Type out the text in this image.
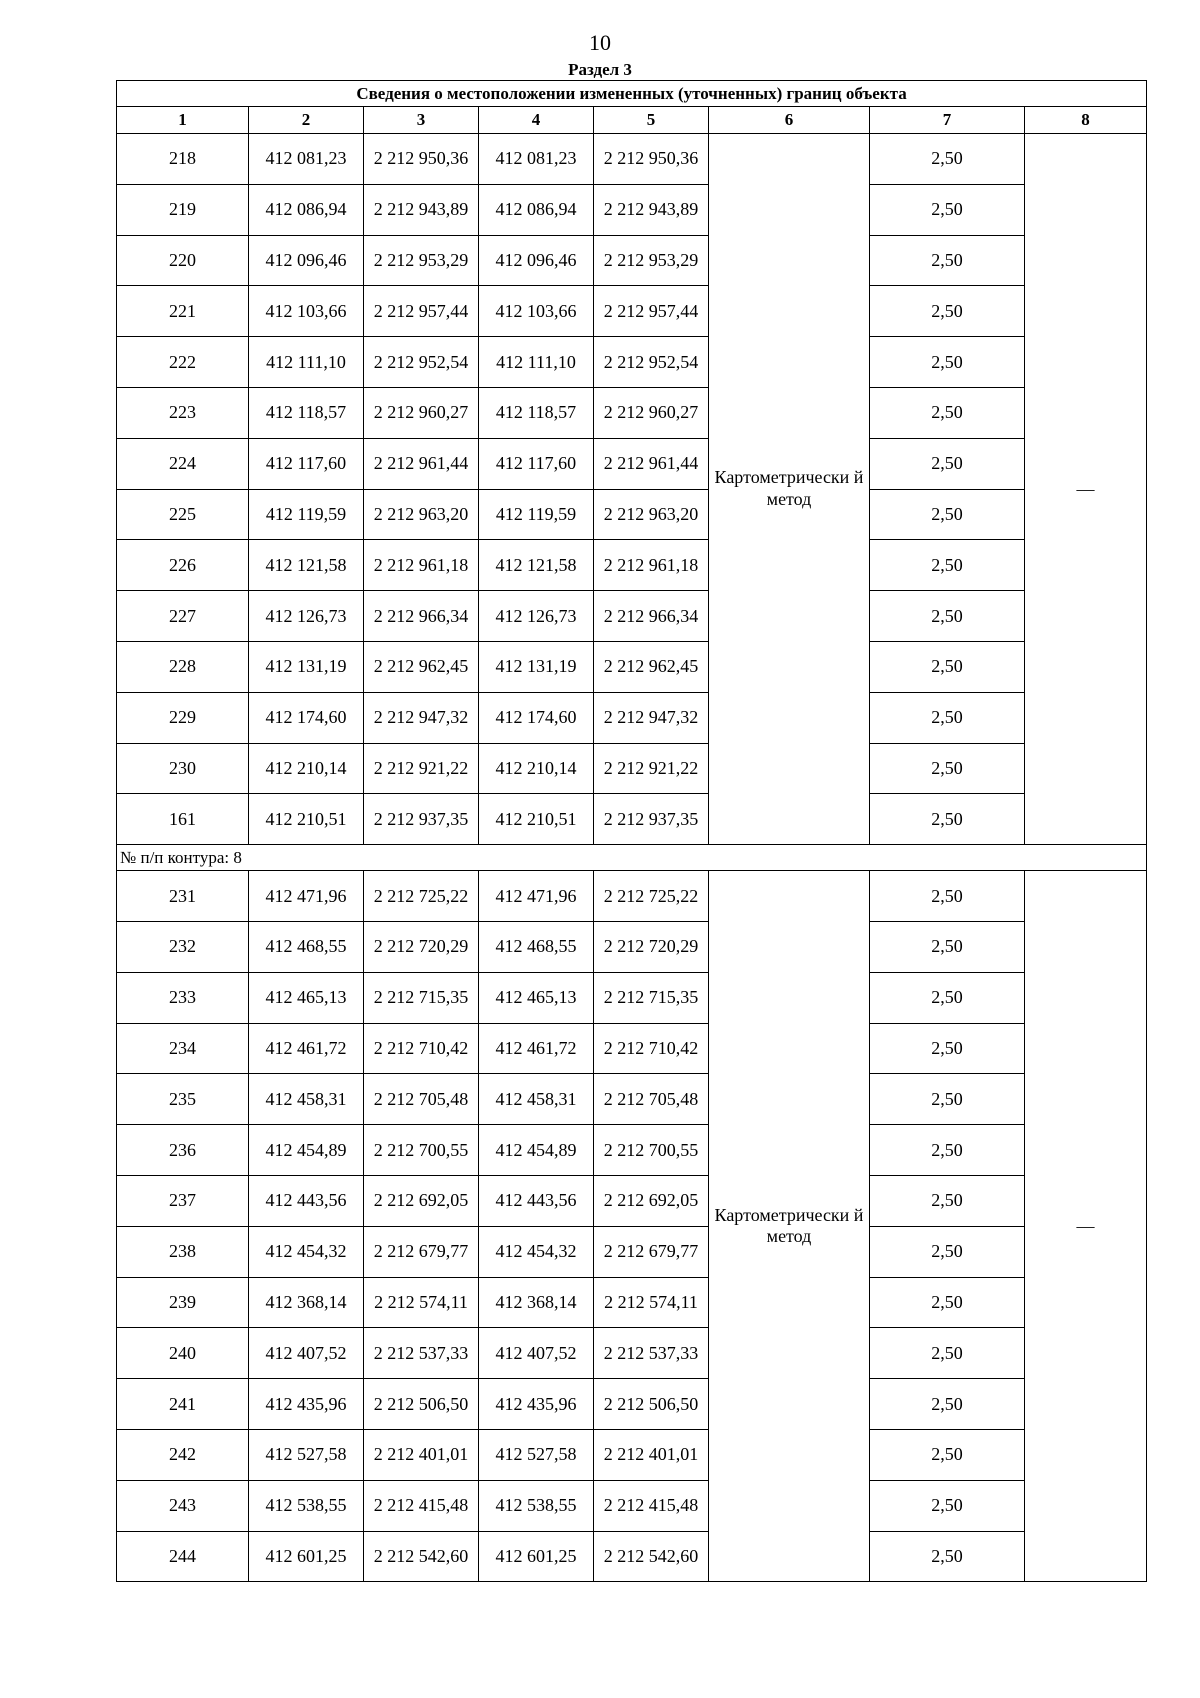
10
Раздел 3
Сведения о местоположении измененных (уточненных) границ объекта							
1	2	3	4	5	6	7	8
218	412 081,23	2 212 950,36	412 081,23	2 212 950,36	Картометрически й метод	2,50	—
219	412 086,94	2 212 943,89	412 086,94	2 212 943,89		2,50	
220	412 096,46	2 212 953,29	412 096,46	2 212 953,29		2,50	
221	412 103,66	2 212 957,44	412 103,66	2 212 957,44		2,50	
222	412 111,10	2 212 952,54	412 111,10	2 212 952,54		2,50	
223	412 118,57	2 212 960,27	412 118,57	2 212 960,27		2,50	
224	412 117,60	2 212 961,44	412 117,60	2 212 961,44		2,50	
225	412 119,59	2 212 963,20	412 119,59	2 212 963,20		2,50	
226	412 121,58	2 212 961,18	412 121,58	2 212 961,18		2,50	
227	412 126,73	2 212 966,34	412 126,73	2 212 966,34		2,50	
228	412 131,19	2 212 962,45	412 131,19	2 212 962,45		2,50	
229	412 174,60	2 212 947,32	412 174,60	2 212 947,32		2,50	
230	412 210,14	2 212 921,22	412 210,14	2 212 921,22		2,50	
161	412 210,51	2 212 937,35	412 210,51	2 212 937,35		2,50	
№ п/п контура: 8							
231	412 471,96	2 212 725,22	412 471,96	2 212 725,22	Картометрически й метод	2,50	—
232	412 468,55	2 212 720,29	412 468,55	2 212 720,29		2,50	
233	412 465,13	2 212 715,35	412 465,13	2 212 715,35		2,50	
234	412 461,72	2 212 710,42	412 461,72	2 212 710,42		2,50	
235	412 458,31	2 212 705,48	412 458,31	2 212 705,48		2,50	
236	412 454,89	2 212 700,55	412 454,89	2 212 700,55		2,50	
237	412 443,56	2 212 692,05	412 443,56	2 212 692,05		2,50	
238	412 454,32	2 212 679,77	412 454,32	2 212 679,77		2,50	
239	412 368,14	2 212 574,11	412 368,14	2 212 574,11		2,50	
240	412 407,52	2 212 537,33	412 407,52	2 212 537,33		2,50	
241	412 435,96	2 212 506,50	412 435,96	2 212 506,50		2,50	
242	412 527,58	2 212 401,01	412 527,58	2 212 401,01		2,50	
243	412 538,55	2 212 415,48	412 538,55	2 212 415,48		2,50	
244	412 601,25	2 212 542,60	412 601,25	2 212 542,60		2,50	
